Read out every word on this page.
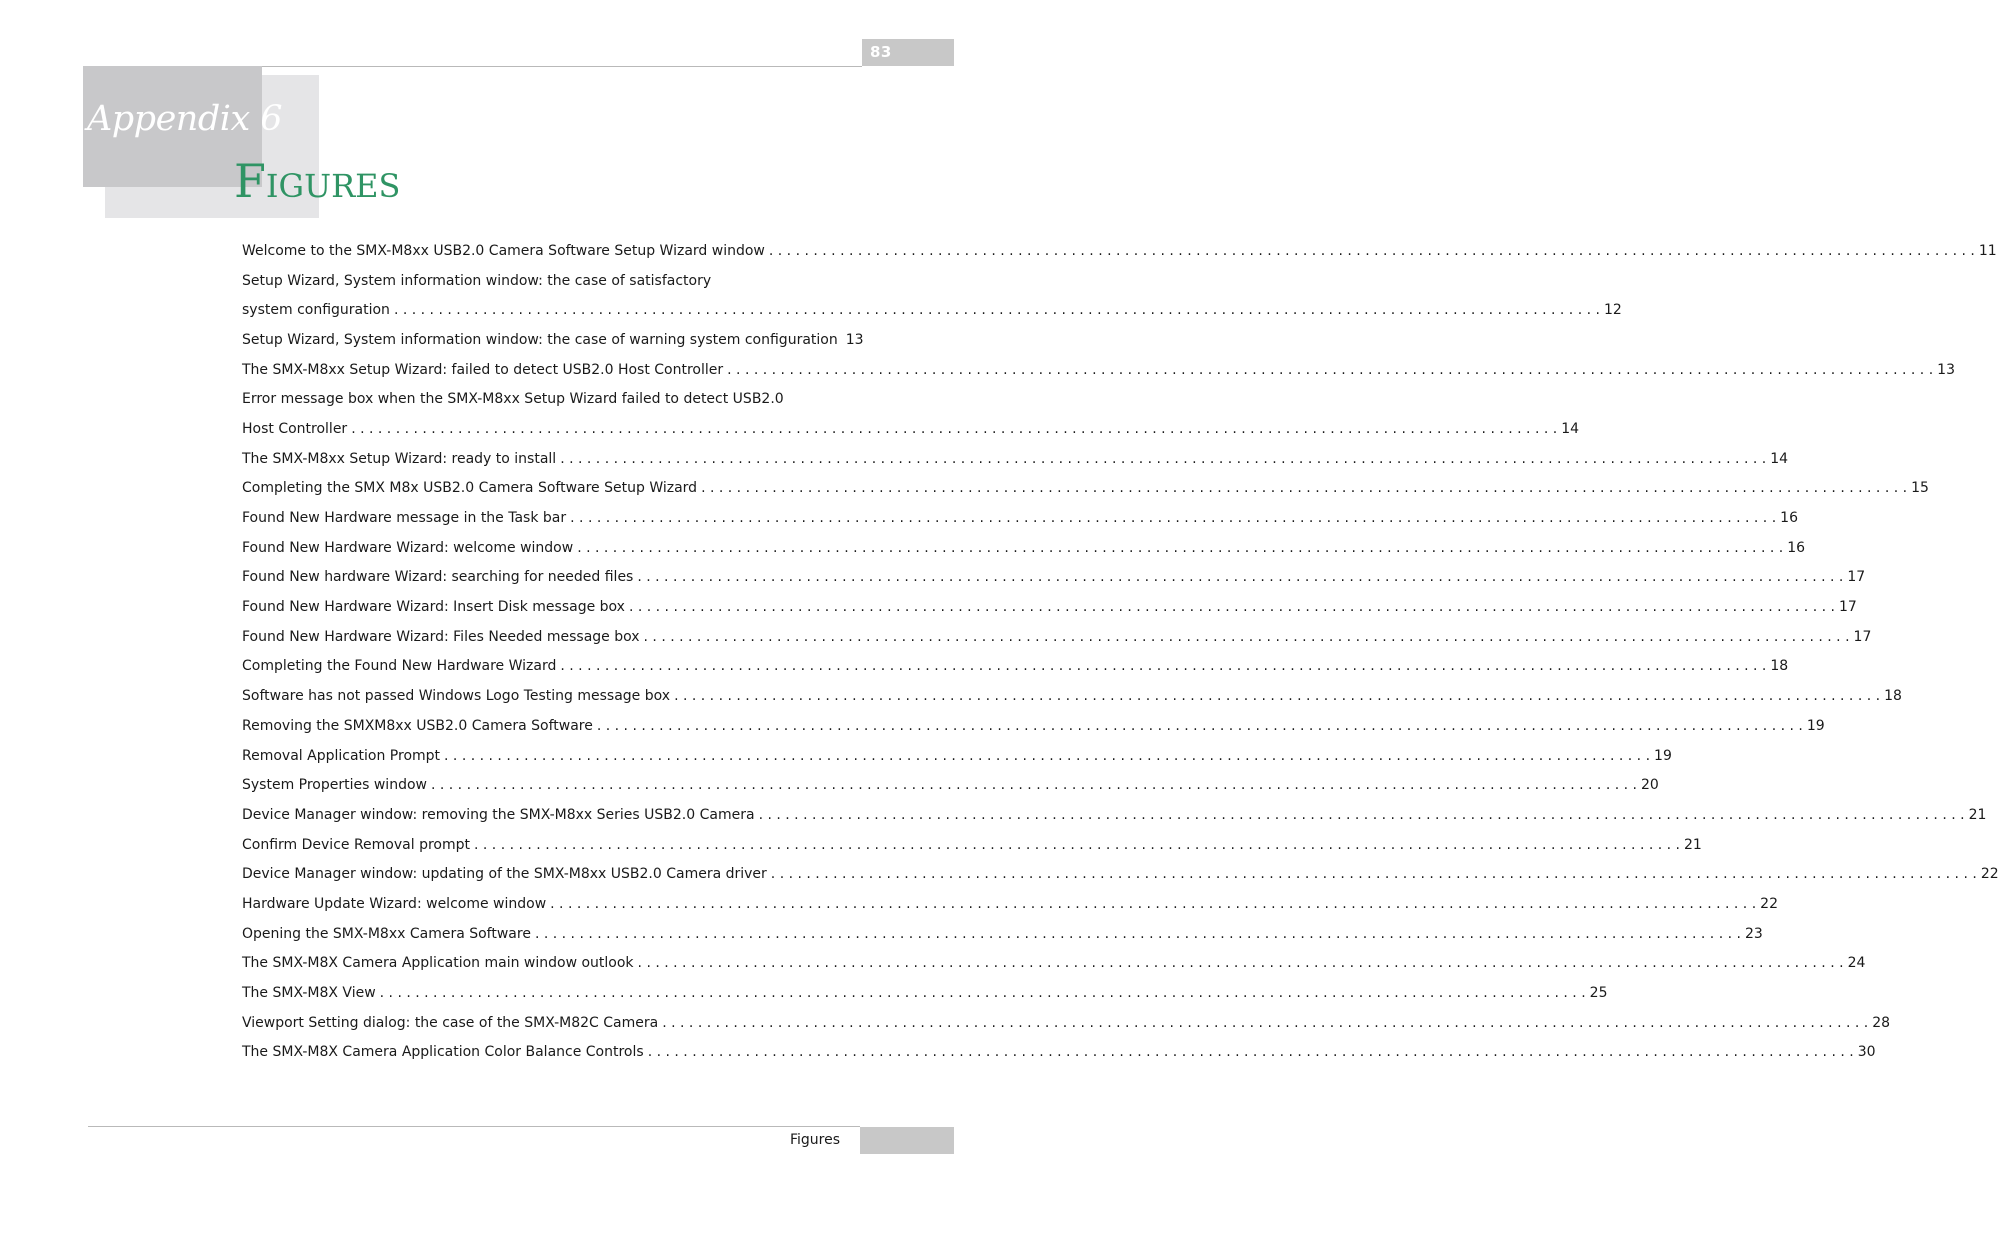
83
Appendix 6
Figures
Welcome to the SMX-M8xx USB2.0 Camera Software Setup Wizard window . . .	11
Setup Wizard, System information window: the case of satisfactory
system configuration . . .	12
Setup Wizard, System information window: the case of warning system configuration 13
The SMX-M8xx Setup Wizard: failed to detect USB2.0 Host Controller . . .	13
Error message box when the SMX-M8xx Setup Wizard failed to detect USB2.0
Host Controller . . .	14
The SMX-M8xx Setup Wizard: ready to install . . .	14
Completing the SMX M8x USB2.0 Camera Software Setup Wizard . . .	15
Found New Hardware message in the Task bar . . .	16
Found New Hardware Wizard: welcome window . . .	16
Found New hardware Wizard: searching for needed files . . .	17
Found New Hardware Wizard: Insert Disk message box . . .	17
Found New Hardware Wizard: Files Needed message box . . .	17
Completing the Found New Hardware Wizard . . .	18
Software has not passed Windows Logo Testing message box . . .	18
Removing the SMXM8xx USB2.0 Camera Software . . .	19
Removal Application Prompt . . .	19
System Properties window . . .	20
Device Manager window: removing the SMX-M8xx Series USB2.0 Camera . . .	21
Confirm Device Removal prompt . . .	21
Device Manager window: updating of the SMX-M8xx USB2.0 Camera driver . . .	22
Hardware Update Wizard: welcome window . . .	22
Opening the SMX-M8xx Camera Software . . .	23
The SMX-M8X Camera Application main window outlook . . .	24
The SMX-M8X View . . .	25
Viewport Setting dialog: the case of the SMX-M82C Camera . . .	28
The SMX-M8X Camera Application Color Balance Controls . . .	30
Figures
